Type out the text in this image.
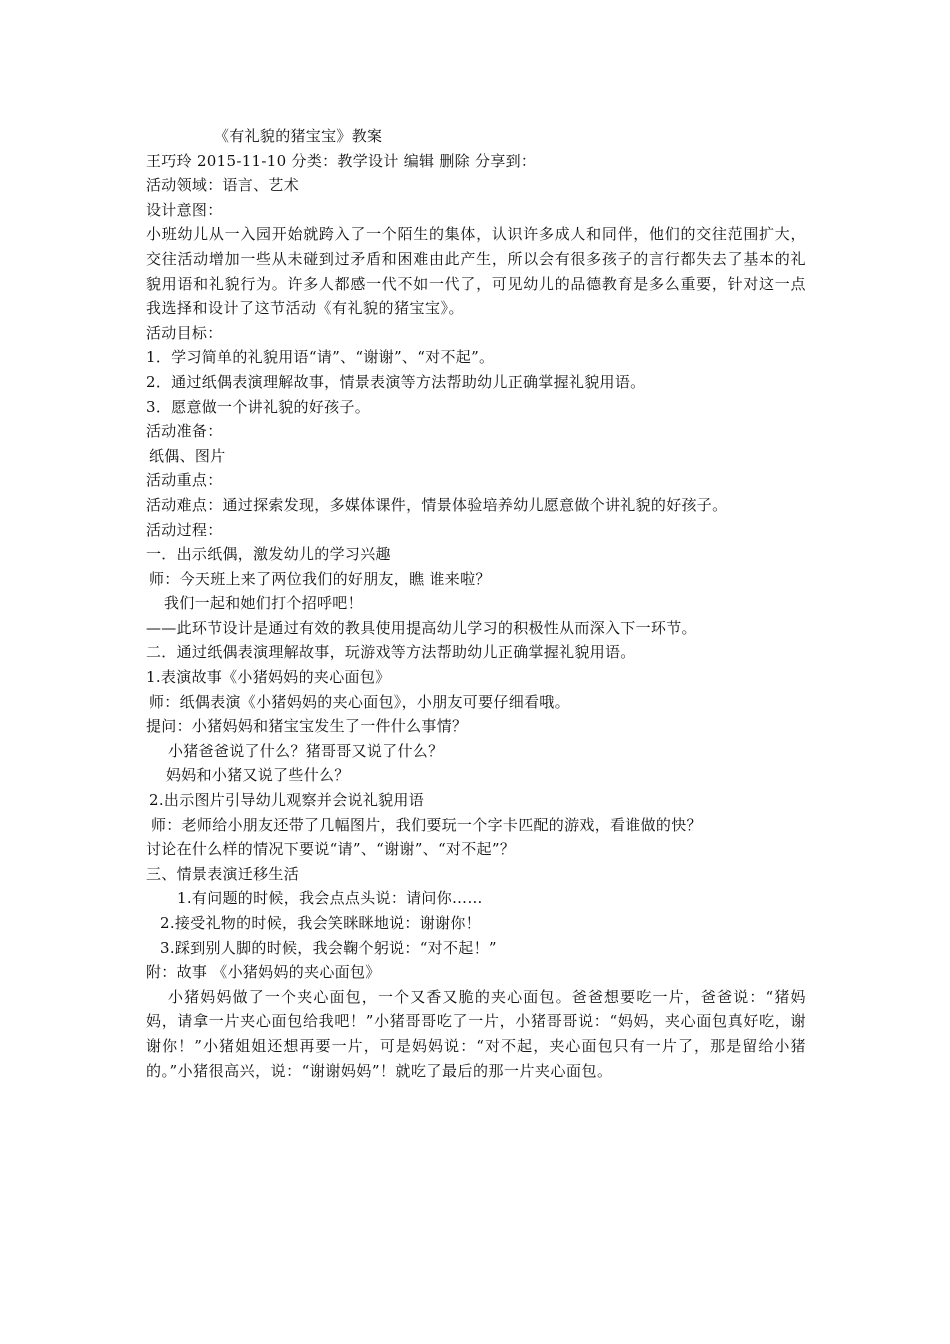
《有礼貌的猪宝宝》教案
王巧玲 2015-11-10 分类：教学设计 编辑 删除 分享到：
活动领域：语言、艺术
设计意图：
小班幼儿从一入园开始就跨入了一个陌生的集体，认识许多成人和同伴，他们的交往范围扩大，交往活动增加一些从未碰到过矛盾和困难由此产生，所以会有很多孩子的言行都失去了基本的礼貌用语和礼貌行为。许多人都感一代不如一代了，可见幼儿的品德教育是多么重要，针对这一点我选择和设计了这节活动《有礼貌的猪宝宝》。
活动目标：
1．学习简单的礼貌用语“请”、“谢谢”、“对不起”。
2．通过纸偶表演理解故事，情景表演等方法帮助幼儿正确掌握礼貌用语。
3．愿意做一个讲礼貌的好孩子。
活动准备：
纸偶、图片
活动重点：
活动难点：通过探索发现，多媒体课件，情景体验培养幼儿愿意做个讲礼貌的好孩子。
活动过程：
一．出示纸偶，激发幼儿的学习兴趣
师：今天班上来了两位我们的好朋友，瞧 谁来啦？
我们一起和她们打个招呼吧！
——此环节设计是通过有效的教具使用提高幼儿学习的积极性从而深入下一环节。
二．通过纸偶表演理解故事，玩游戏等方法帮助幼儿正确掌握礼貌用语。
1.表演故事《小猪妈妈的夹心面包》
师：纸偶表演《小猪妈妈的夹心面包》，小朋友可要仔细看哦。
提问：小猪妈妈和猪宝宝发生了一件什么事情？
小猪爸爸说了什么？猪哥哥又说了什么？
妈妈和小猪又说了些什么？
2.出示图片引导幼儿观察并会说礼貌用语
师：老师给小朋友还带了几幅图片，我们要玩一个字卡匹配的游戏，看谁做的快？
讨论在什么样的情况下要说“请”、“谢谢”、“对不起”？
三、情景表演迁移生活
1.有问题的时候，我会点点头说：请问你……
2.接受礼物的时候，我会笑眯眯地说：谢谢你！
3.踩到别人脚的时候，我会鞠个躬说：“对不起！”
附：故事 《小猪妈妈的夹心面包》
小猪妈妈做了一个夹心面包，一个又香又脆的夹心面包。爸爸想要吃一片，爸爸说：“猪妈妈，请拿一片夹心面包给我吧！”小猪哥哥吃了一片，小猪哥哥说：“妈妈，夹心面包真好吃，谢谢你！”小猪姐姐还想再要一片，可是妈妈说：“对不起，夹心面包只有一片了，那是留给小猪的。”小猪很高兴，说：“谢谢妈妈”！就吃了最后的那一片夹心面包。
